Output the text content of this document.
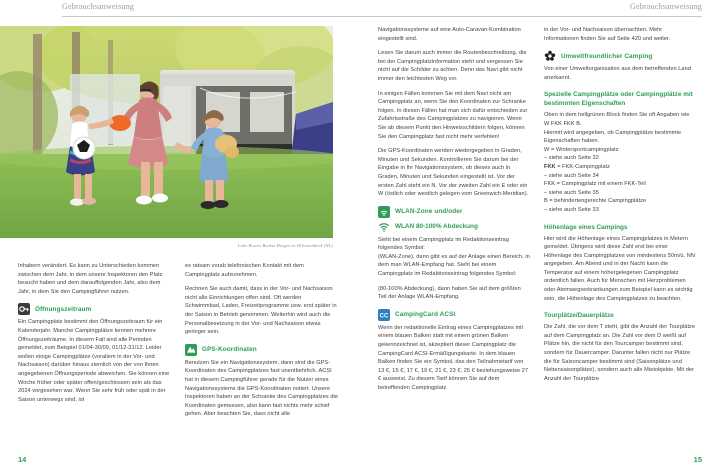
Gebrauchsanweisung
Lake Resort Beekse Bergen in Hilvarenbeek (NL)

Inhabern verändert. Es kann zu Unterschieden kommen zwischen dem Jahr, in dem unsere Inspektoren den Platz besucht haben und dem darauffolgenden Jahr, also dem Jahr, in dem Sie den Campingführer nutzen.

Öffnungszeitraum

Ein Campingplatz bestimmt den Öffnungszeitraum für ein Kalenderjahr. Manche Campingplätze kennen mehrere Öffnungszeiträume. In diesem Fall sind alle Perioden gemeldet, zum Beispiel 01/04-30/09, 01/12-31/12. Leider wollen einige Campingplätze (vorallem in der Vor- und Nachsaison) darüber hinaus ziemlich von der von Ihnen angegebenen Öffnungsperiode abweichen. Sie können eine Woche früher oder später offen/geschlossen sein als das 2024 vorgesehen war. Wenn Sie sehr früh oder spät in der Saison unterwegs sind, ist

es ratsam vorab telefonischen Kontakt mit dem Campingplatz aufzunehmen.

Rechnen Sie auch damit, dass in der Vor- und Nachsaison nicht alle Einrichtungen offen sind. Oft werden Schwimmbad, Laden, Freizeitprogramme usw. erst später in der Saison in Betrieb genommen. Weiterhin wird auch die Personalbesetzung in der Vor- und Nachsaison etwas geringer sein.

GPS-Koordinaten

Benutzen Sie ein Navigationssystem, dann sind die GPS-Koordinaten des Campingplatzes fast unentbehrlich. ACSI hat in diesem Campingführer gerade für die Nutzer eines Navigationssystems die GPS-Koordinaten notiert. Unsere Inspektoren haben an der Schranke des Campingplatzes die Koordinaten gemessen, also kann fast nichts mehr schief gehen. Aber beachten Sie, dass nicht alle

14
Gebrauchsanweisung

Navigationssysteme auf eine Auto-Caravan-Kombination eingestellt sind.

Lesen Sie darum auch immer die Routenbeschreibung, die bei der Campingplatzinformation steht und vergessen Sie nicht auf die Schilder zu achten. Denn das Navi gibt nicht immer den leichtesten Weg vor.

In einigen Fällen kommen Sie mit dem Navi nicht am Campingplatz an, wenn Sie den Koordinaten zur Schranke folgen. In diesen Fällen hat man sich dafür entschieden zur Zufahrtsstraße des Campingplatzes zu navigieren. Wenn Sie ab diesem Punkt den Hinweisschildern folgen, können Sie den Campingplatz fast nicht mehr verfehlen!

Die GPS-Koordinaten werden wiedergegeben in Graden, Minuten und Sekunden. Kontrollieren Sie darum bei der Eingabe in Ihr Navigationssystem, ob dieses auch in Graden, Minuten und Sekunden eingestellt ist. Vor der ersten Zahl steht ein N. Vor der zweiten Zahl ein E oder ein W (östlich oder westlich gelegen vom Greenwich-Meridian).

WLAN-Zone und/oder
WLAN 80-100% Abdeckung

Sieht bei einem Campingplatz im Redaktionseintrag folgendes Symbol:

(WLAN-Zone), dann gibt es auf der Anlage einen Bereich, in dem man WLAN-Empfang hat. Sieht bei einem Campingplatz im Redaktionseintrag folgendes Symbol:

(80-100% Abdeckung), dann haben Sie auf dem größten Teil der Anlage WLAN-Empfang.

CC CampingCard ACSI

Wenn der redaktionelle Eintrag eines Campingplatzes mit einem blauen Balken statt mit einem grünen Balken gekennzeichnet ist, akzeptiert dieser Campingplatz die CampingCard ACSI-Ermäßigungskarte. In dem blauen Balken finden Sie ein Symbol, das den Teilnahmetarif von 13 €, 15 €, 17 €, 19 €, 21 €, 23 €, 25 € beziehungsweise 27 € ausweist. Zu diesem Tarif können Sie auf dem betreffenden Campingplatz

in der Vor- und Nachsaison übernachten. Mehr Informationen finden Sie auf Seite 420 und weiter.

Umweltfreundlicher Camping

Von einer Umweltorganisation aus dem betreffenden Land anerkannt.

Spezielle Campingplätze oder Campingplätze mit bestimmten Eigenschaften

Oben in dem hellgrünen Block finden Sie oft Angaben wie W FKK FKK B.

Hiermit wird angegeben, ob Campingplätze bestimmte Eigenschaften haben.

W = Wintersportcampingplatz

– siehe auch Seite 32

FKK = FKK-Campingplatz

– siehe auch Seite 34

FKK = Campingplatz mit einem FKK-Teil

– siehe auch Seite 35

B = behindertengerechte Campingplätze

– siehe auch Seite 33

Höhenlage eines Campings

Hier wird die Höhenlage eines Campingplatzes in Metern gemeldet. Übrigens wird diese Zahl erst bei einer Höhenlage des Campingplatzes von mindestens 50m/ü. NN angegeben. Am Abend und in der Nacht kann die Temperatur auf einem höhergelegenen Campingplatz ordentlich fallen. Auch für Menschen mit Herzproblemen oder Atemwegserkrankungen zum Beispiel kann es wichtig sein, die Höhenlage des Campingplatzes zu beachten.

Tourplätze/Dauerplätze

Die Zahl, die vor dem T steht, gibt die Anzahl der Tourplätze auf dem Campingplatz an. Die Zahl vor dem D weißt auf Plätze hin, die nicht für den Tourcamper bestimmt sind, sondern für Dauercamper. Darunter fallen nicht nur Plätze die für Saisoncamper bestimmt sind (Saisonplätze und Nebensaisonplätze), sondern auch alle Mietobjekte. Mit der Anzahl der Tourplätze

15
